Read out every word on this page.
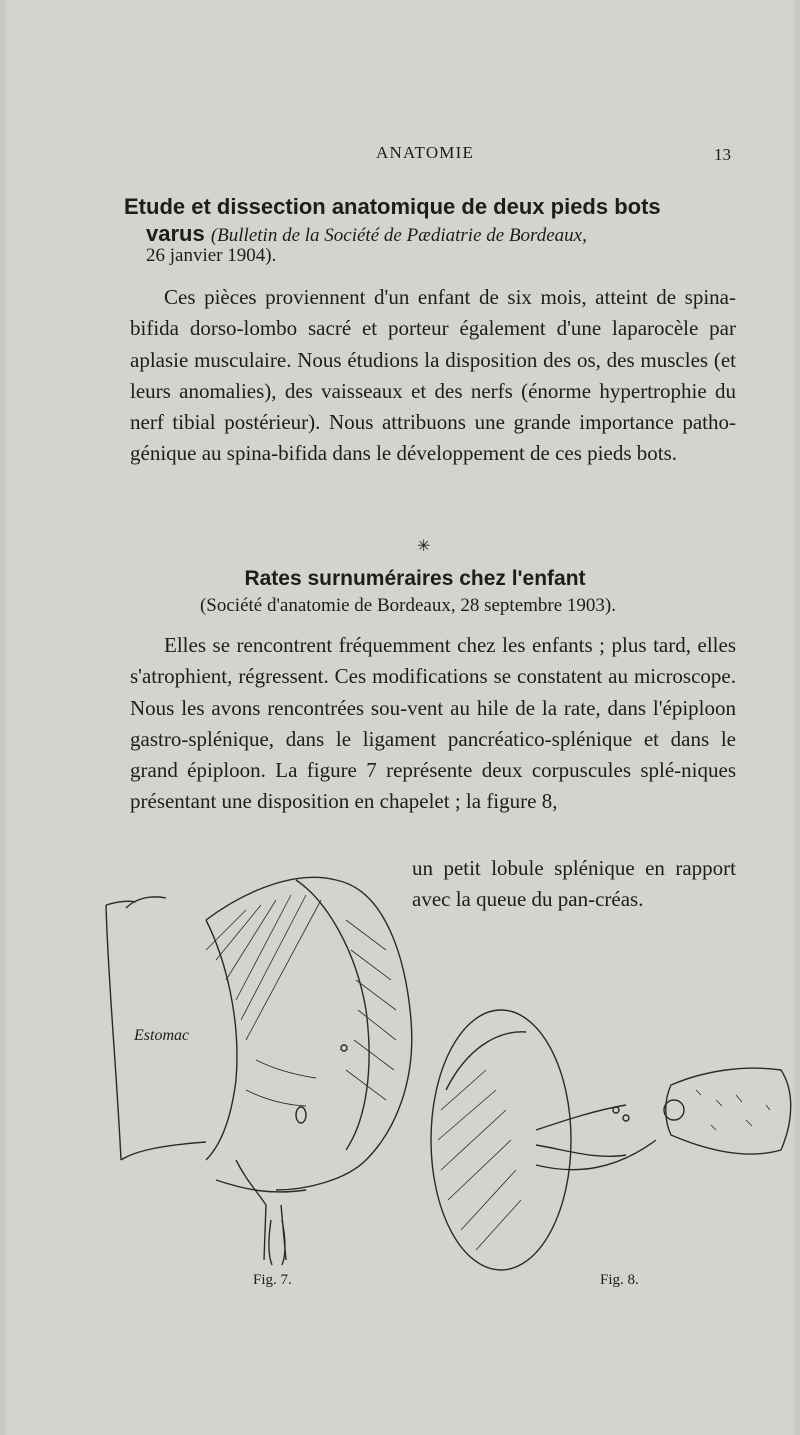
ANATOMIE	13
Etude et dissection anatomique de deux pieds bots
varus (Bulletin de la Société de Pædiatrie de Bordeaux,
26 janvier 1904).
Ces pièces proviennent d'un enfant de six mois, atteint de spina-bifida dorso-lombo sacré et porteur également d'une laparocèle par aplasie musculaire. Nous étudions la disposition des os, des muscles (et leurs anomalies), des vaisseaux et des nerfs (énorme hypertrophie du nerf tibial postérieur). Nous attribuons une grande importance patho-génique au spina-bifida dans le développement de ces pieds bots.
✳
Rates surnuméraires chez l'enfant
(Société d'anatomie de Bordeaux, 28 septembre 1903).
Elles se rencontrent fréquemment chez les enfants ; plus tard, elles s'atrophient, régressent. Ces modifications se constatent au microscope. Nous les avons rencontrées sou-vent au hile de la rate, dans l'épiploon gastro-splénique, dans le ligament pancréatico-splénique et dans le grand épiploon. La figure 7 représente deux corpuscules splé-niques présentant une disposition en chapelet ; la figure 8,
un petit lobule splénique en rapport avec la queue du pan-créas.
Estomac
Fig. 7.	Fig. 8.
